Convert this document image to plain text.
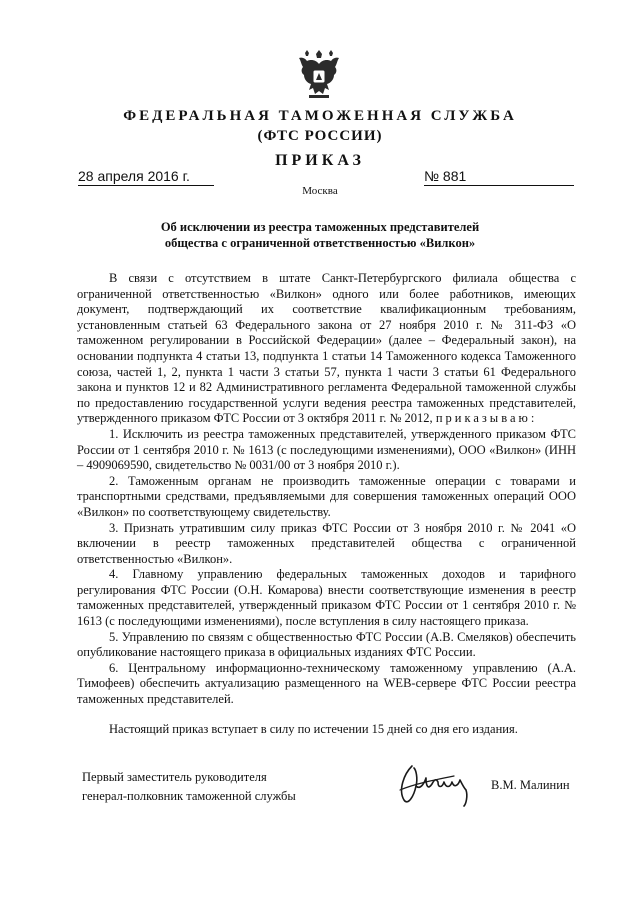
ФЕДЕРАЛЬНАЯ ТАМОЖЕННАЯ СЛУЖБА
(ФТС РОССИИ)
ПРИКАЗ
28 апреля 2016 г.	№ 881
Москва
Об исключении из реестра таможенных представителей
общества с ограниченной ответственностью «Вилкон»

В связи с отсутствием в штате Санкт-Петербургского филиала общества с ограниченной ответственностью «Вилкон» одного или более работников, имеющих документ, подтверждающий их соответствие квалификационным требованиям, установленным статьей 63 Федерального закона от 27 ноября 2010 г. № 311-ФЗ «О таможенном регулировании в Российской Федерации» (далее – Федеральный закон), на основании подпункта 4 статьи 13, подпункта 1 статьи 14 Таможенного кодекса Таможенного союза, частей 1, 2, пункта 1 части 3 статьи 57, пункта 1 части 3 статьи 61 Федерального закона и пунктов 12 и 82 Административного регламента Федеральной таможенной службы по предоставлению государственной услуги ведения реестра таможенных представителей, утвержденного приказом ФТС России от 3 октября 2011 г. № 2012, приказываю:

1. Исключить из реестра таможенных представителей, утвержденного приказом ФТС России от 1 сентября 2010 г. № 1613 (с последующими изменениями), ООО «Вилкон» (ИНН – 4909069590, свидетельство № 0031/00 от 3 ноября 2010 г.).

2. Таможенным органам не производить таможенные операции с товарами и транспортными средствами, предъявляемыми для совершения таможенных операций ООО «Вилкон» по соответствующему свидетельству.

3. Признать утратившим силу приказ ФТС России от 3 ноября 2010 г. № 2041 «О включении в реестр таможенных представителей общества с ограниченной ответственностью «Вилкон».

4. Главному управлению федеральных таможенных доходов и тарифного регулирования ФТС России (О.Н. Комарова) внести соответствующие изменения в реестр таможенных представителей, утвержденный приказом ФТС России от 1 сентября 2010 г. № 1613 (с последующими изменениями), после вступления в силу настоящего приказа.

5. Управлению по связям с общественностью ФТС России (А.В. Смеляков) обеспечить опубликование настоящего приказа в официальных изданиях ФТС России.

6. Центральному информационно-техническому таможенному управлению (А.А. Тимофеев) обеспечить актуализацию размещенного на WEB-сервере ФТС России реестра таможенных представителей.

Настоящий приказ вступает в силу по истечении 15 дней со дня его издания.

Первый заместитель руководителя
генерал-полковник таможенной службы
В.М. Малинин
